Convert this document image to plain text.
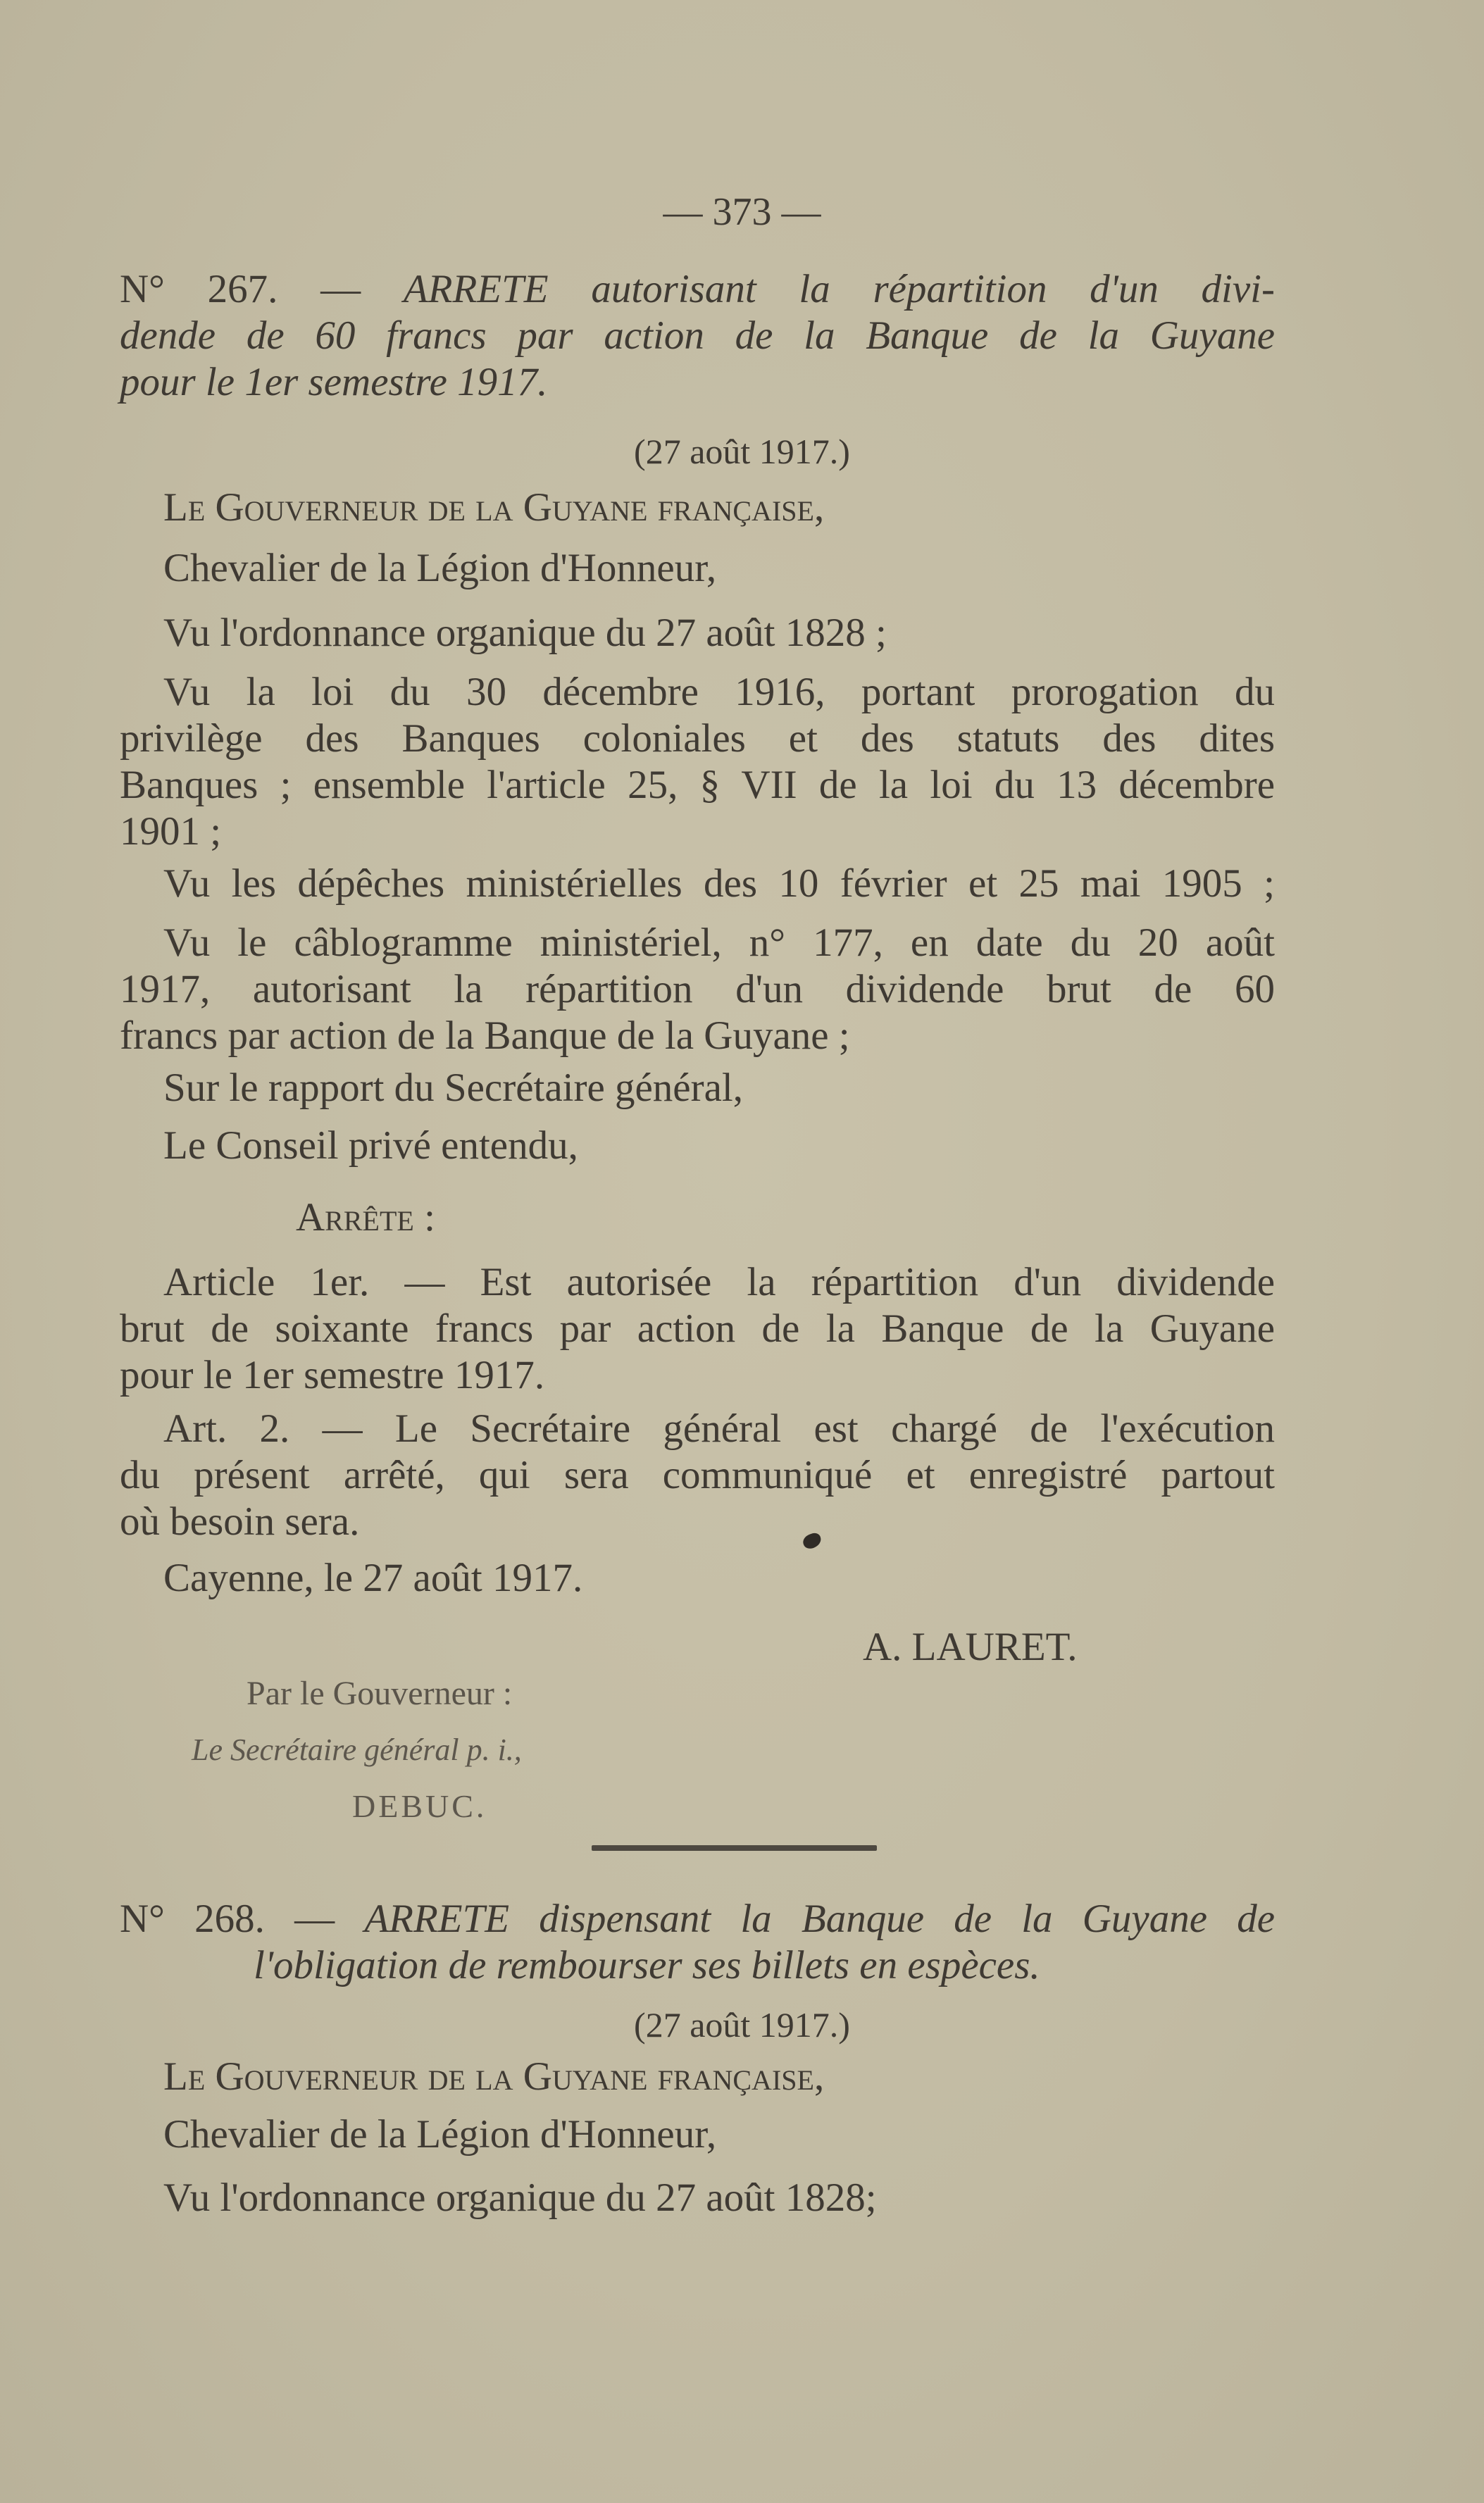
— 373 —
N° 267. — ARRETE autorisant la répartition d'un divi-
dende de 60 francs par action de la Banque de la Guyane
pour le 1er semestre 1917.
(27 août 1917.)
Le Gouverneur de la Guyane française,
Chevalier de la Légion d'Honneur,
Vu l'ordonnance organique du 27 août 1828 ;
Vu la loi du 30 décembre 1916, portant prorogation du
privilège des Banques coloniales et des statuts des dites
Banques ; ensemble l'article 25, § VII de la loi du 13 décembre
1901 ;
Vu les dépêches ministérielles des 10 février et 25 mai 1905 ;
Vu le câblogramme ministériel, n° 177, en date du 20 août
1917, autorisant la répartition d'un dividende brut de 60
francs par action de la Banque de la Guyane ;
Sur le rapport du Secrétaire général,
Le Conseil privé entendu,
Arrête :
Article 1er. — Est autorisée la répartition d'un dividende
brut de soixante francs par action de la Banque de la Guyane
pour le 1er semestre 1917.
Art. 2. — Le Secrétaire général est chargé de l'exécution
du présent arrêté, qui sera communiqué et enregistré partout
où besoin sera.
Cayenne, le 27 août 1917.
A. LAURET.
Par le Gouverneur :
Le Secrétaire général p. i.,
DEBUC.
N° 268. — ARRETE dispensant la Banque de la Guyane de
l'obligation de rembourser ses billets en espèces.
(27 août 1917.)
Le Gouverneur de la Guyane française,
Chevalier de la Légion d'Honneur,
Vu l'ordonnance organique du 27 août 1828;
